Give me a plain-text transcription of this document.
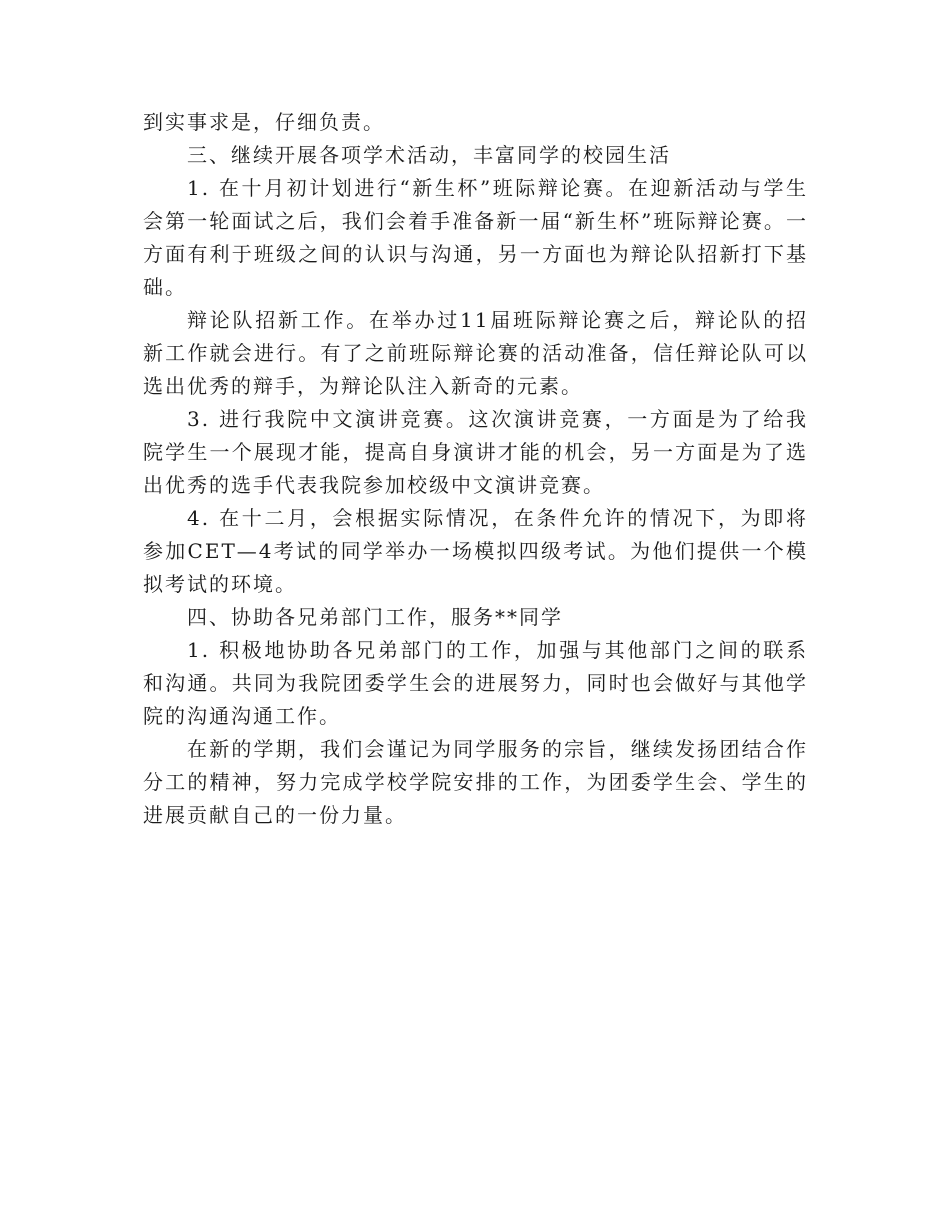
到实事求是，仔细负责。

三、继续开展各项学术活动，丰富同学的校园生活

1. 在十月初计划进行“新生杯”班际辩论赛。在迎新活动与学生会第一轮面试之后，我们会着手准备新一届“新生杯”班际辩论赛。一方面有利于班级之间的认识与沟通，另一方面也为辩论队招新打下基础。

辩论队招新工作。在举办过11届班际辩论赛之后，辩论队的招新工作就会进行。有了之前班际辩论赛的活动准备，信任辩论队可以选出优秀的辩手，为辩论队注入新奇的元素。

3. 进行我院中文演讲竞赛。这次演讲竞赛，一方面是为了给我院学生一个展现才能，提高自身演讲才能的机会，另一方面是为了选出优秀的选手代表我院参加校级中文演讲竞赛。

4. 在十二月，会根据实际情况，在条件允许的情况下，为即将参加CET—4考试的同学举办一场模拟四级考试。为他们提供一个模拟考试的环境。

四、协助各兄弟部门工作，服务**同学

1. 积极地协助各兄弟部门的工作，加强与其他部门之间的联系和沟通。共同为我院团委学生会的进展努力，同时也会做好与其他学院的沟通沟通工作。

在新的学期，我们会谨记为同学服务的宗旨，继续发扬团结合作分工的精神，努力完成学校学院安排的工作，为团委学生会、学生的进展贡献自己的一份力量。
